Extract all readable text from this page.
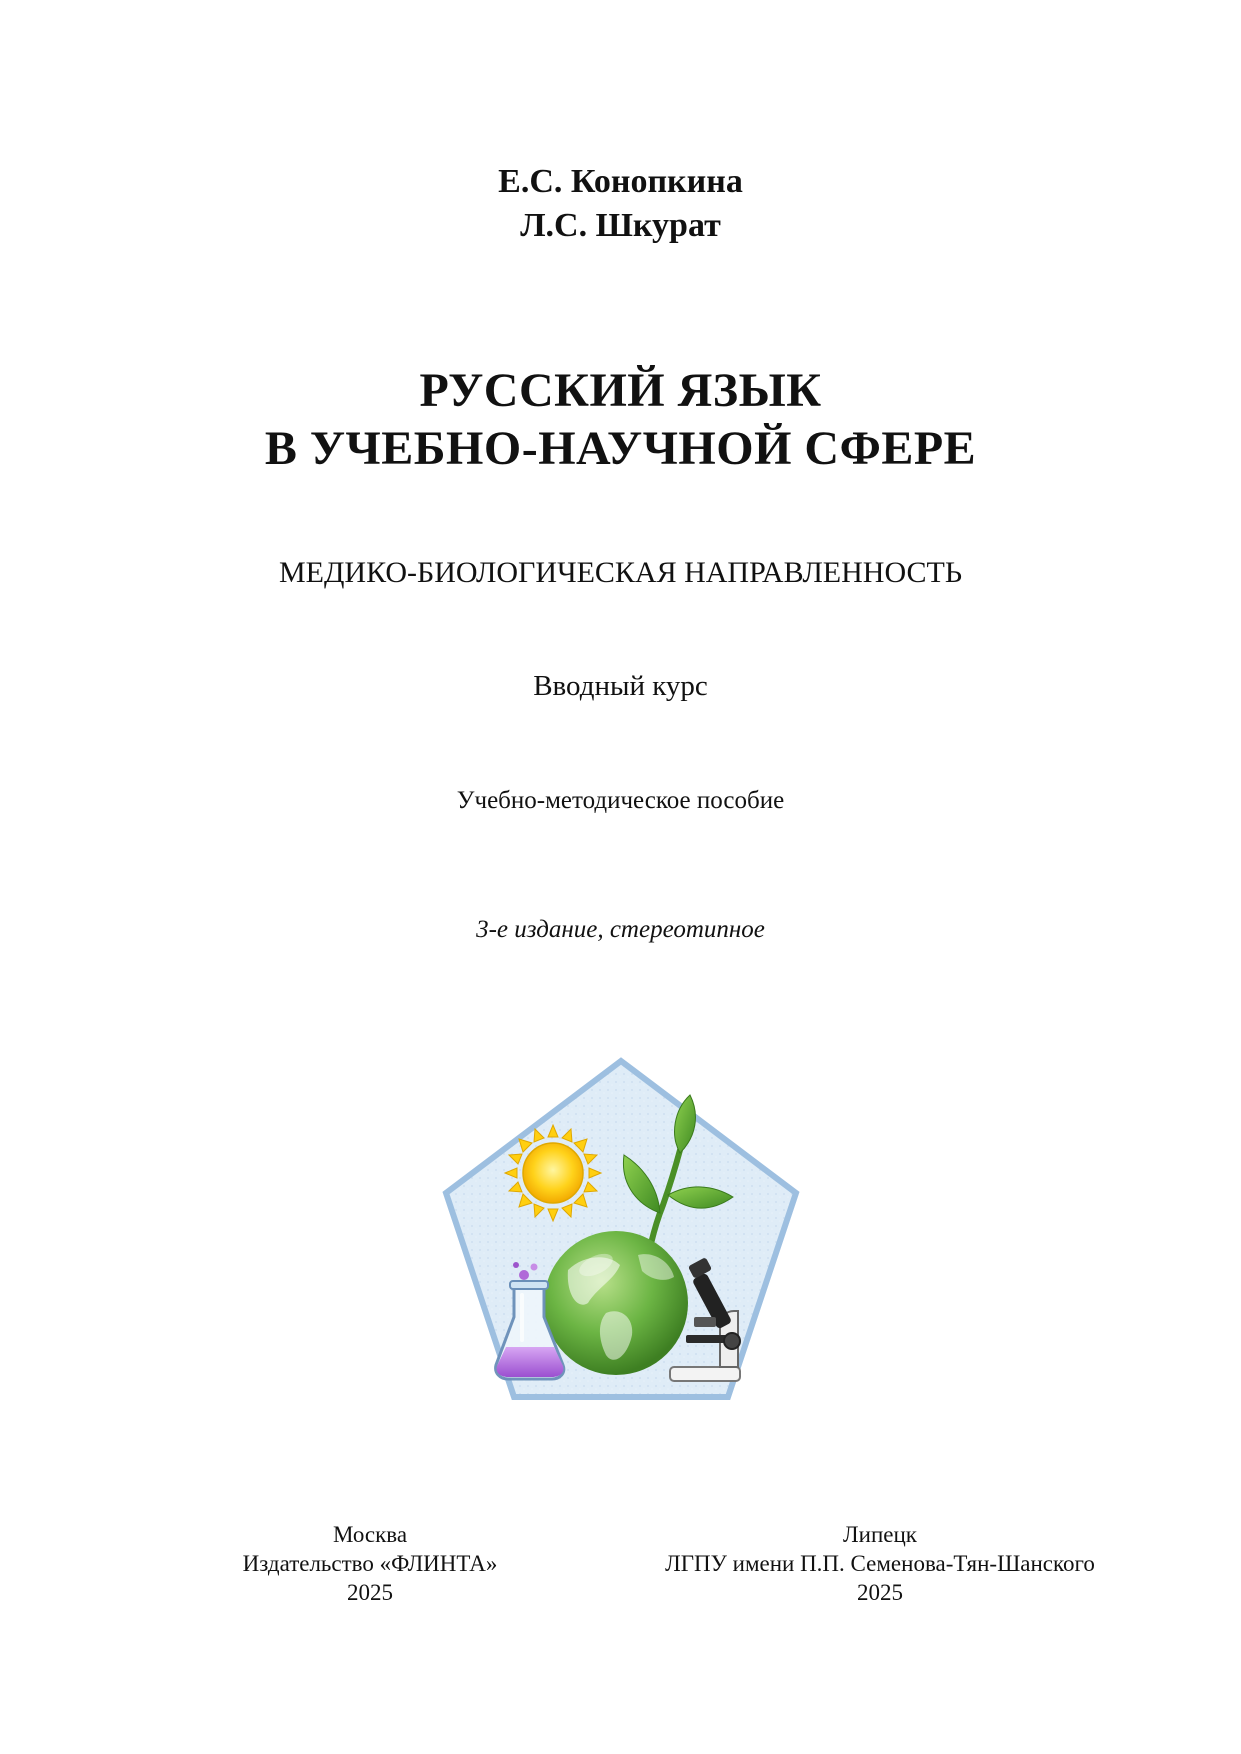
Е.С. Конопкина
Л.С. Шкурат
РУССКИЙ ЯЗЫК
В УЧЕБНО-НАУЧНОЙ СФЕРЕ
МЕДИКО-БИОЛОГИЧЕСКАЯ НАПРАВЛЕННОСТЬ
Вводный курс
Учебно-методическое пособие
3-е издание, стереотипное
Москва
Издательство «ФЛИНТА»
2025
Липецк
ЛГПУ имени П.П. Семенова-Тян-Шанского
2025
